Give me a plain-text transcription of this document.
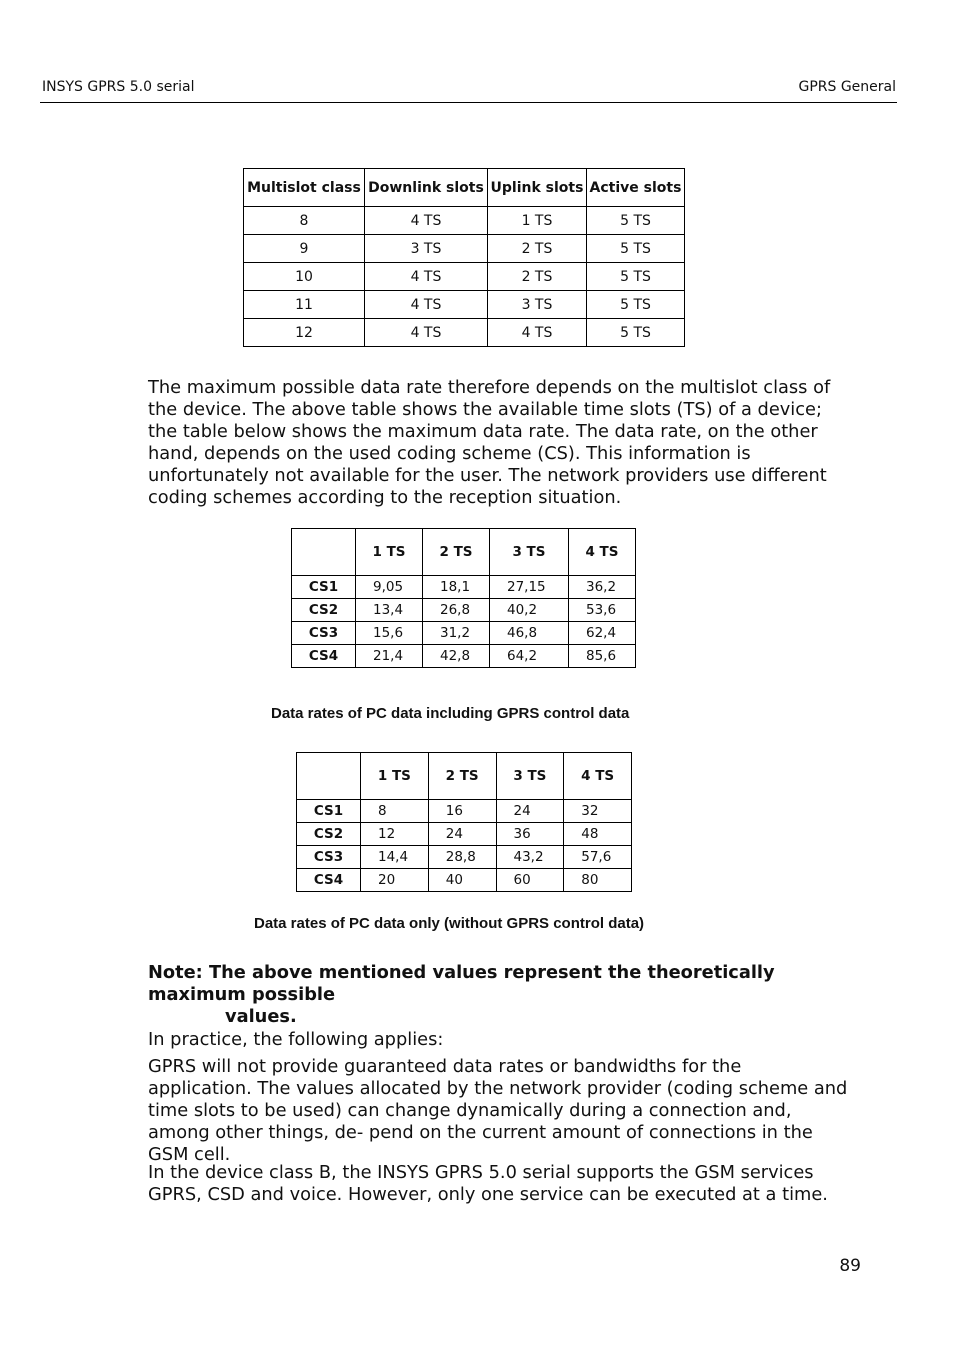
INSYS GPRS 5.0 serial	GPRS General
Multislot class	Downlink slots	Uplink slots	Active slots
8	4 TS	1 TS	5 TS
9	3 TS	2 TS	5 TS
10	4 TS	2 TS	5 TS
11	4 TS	3 TS	5 TS
12	4 TS	4 TS	5 TS

The maximum possible data rate therefore depends on the multislot class of the device. The above table shows the available time slots (TS) of a device; the table below shows the maximum data rate. The data rate, on the other hand, depends on the used coding scheme (CS). This information is unfortunately not available for the user. The network providers use different coding schemes according to the reception situation.

	1 TS	2 TS	3 TS	4 TS
CS1	9,05	18,1	27,15	36,2
CS2	13,4	26,8	40,2	53,6
CS3	15,6	31,2	46,8	62,4
CS4	21,4	42,8	64,2	85,6
Data rates of PC data including GPRS control data
	1 TS	2 TS	3 TS	4 TS
CS1	8	16	24	32
CS2	12	24	36	48
CS3	14,4	28,8	43,2	57,6
CS4	20	40	60	80
Data rates of PC data only (without GPRS control data)
Note: The above mentioned values represent the theoretically maximum possible
values.

In practice, the following applies:

GPRS will not provide guaranteed data rates or bandwidths for the application. The values allocated by the network provider (coding scheme and time slots to be used) can change dynamically during a connection and, among other things, de- pend on the current amount of connections in the GSM cell.

In the device class B, the INSYS GPRS 5.0 serial supports the GSM services GPRS, CSD and voice. However, only one service can be executed at a time.

89
